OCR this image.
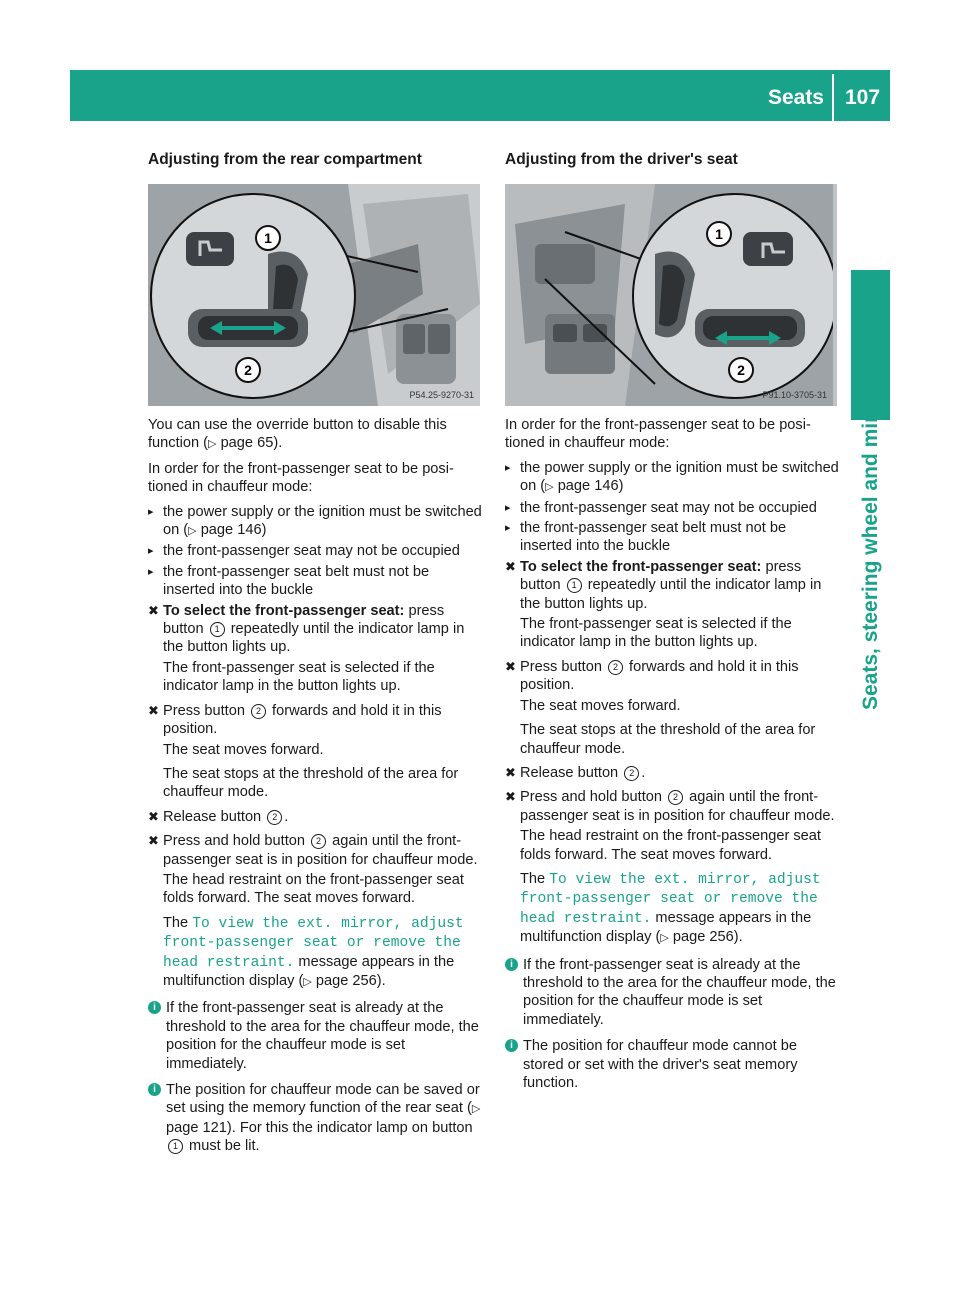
Seats 107
Seats, steering wheel and mirrors
Adjusting from the rear compartment
1
2
P54.25-9270-31

You can use the override button to disable this function (▷ page 65).

In order for the front-passenger seat to be posi-tioned in chauffeur mode:

▸ the power supply or the ignition must be switched on (▷ page 146)
▸ the front-passenger seat may not be occupied
▸ the front-passenger seat belt must not be inserted into the buckle
✖ To select the front-passenger seat: press button 1 repeatedly until the indicator lamp in the button lights up.
The front-passenger seat is selected if the indicator lamp in the button lights up.
✖ Press button 2 forwards and hold it in this position.
The seat moves forward.
The seat stops at the threshold of the area for chauffeur mode.
✖ Release button 2 .
✖ Press and hold button 2 again until the front-passenger seat is in position for chauffeur mode.
The head restraint on the front-passenger seat folds forward. The seat moves forward.
The To view the ext. mirror, adjust front-passenger seat or remove the head restraint. message appears in the multifunction display (▷ page 256).
i If the front-passenger seat is already at the threshold to the area for the chauffeur mode, the position for the chauffeur mode is set immediately.
i The position for chauffeur mode can be saved or set using the memory function of the rear seat (▷ page 121). For this the indicator lamp on button 1 must be lit.
Adjusting from the driver's seat
1
2
P91.10-3705-31

In order for the front-passenger seat to be posi-tioned in chauffeur mode:

▸ the power supply or the ignition must be switched on (▷ page 146)
▸ the front-passenger seat may not be occupied
▸ the front-passenger seat belt must not be inserted into the buckle
✖ To select the front-passenger seat: press button 1 repeatedly until the indicator lamp in the button lights up.
The front-passenger seat is selected if the indicator lamp in the button lights up.
✖ Press button 2 forwards and hold it in this position.
The seat moves forward.
The seat stops at the threshold of the area for chauffeur mode.
✖ Release button 2 .
✖ Press and hold button 2 again until the front-passenger seat is in position for chauffeur mode.
The head restraint on the front-passenger seat folds forward. The seat moves forward.
The To view the ext. mirror, adjust front-passenger seat or remove the head restraint. message appears in the multifunction display (▷ page 256).
i If the front-passenger seat is already at the threshold to the area for the chauffeur mode, the position for the chauffeur mode is set immediately.
i The position for chauffeur mode cannot be stored or set with the driver's seat memory function.
